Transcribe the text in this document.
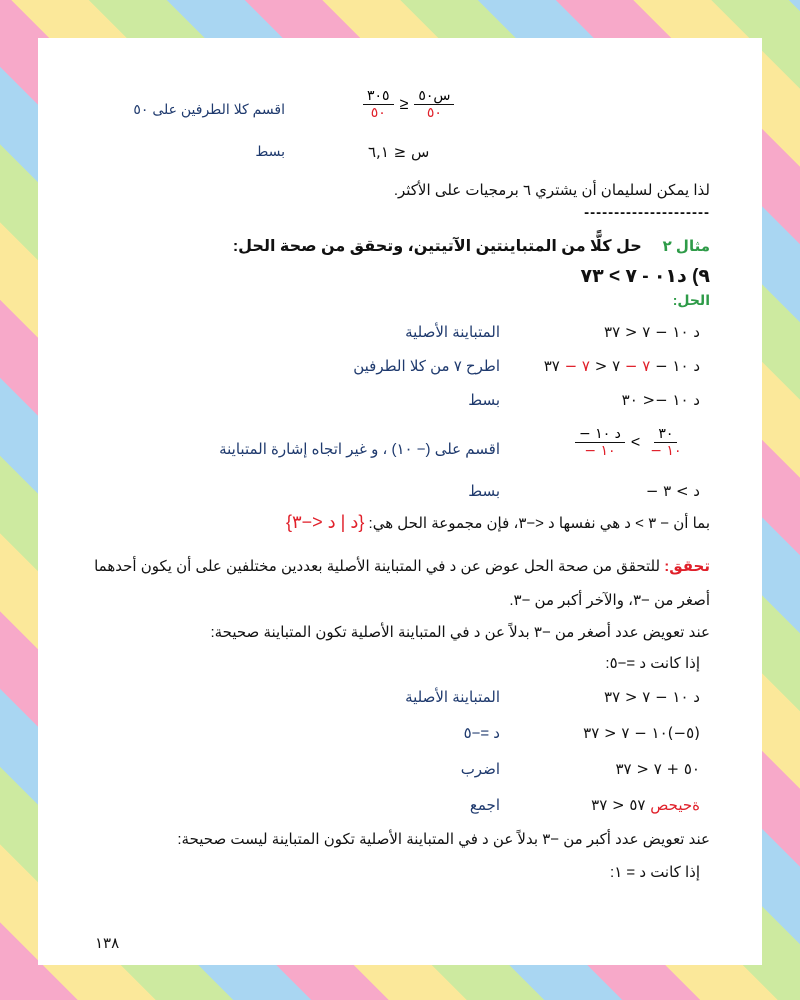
٣٠٥
٥٠
≥ ٥٠س
٥٠
اقسم كلا الطرفين على ٥٠
٦,١ ≥ س
بسط
لذا يمكن لسليمان أن يشتري ٦ برمجيات على الأكثر.
---------------------
مثال ٢     حل كلًّا من المتباينتين الآتيتين، وتحقق من صحة الحل:
٩) د١٠ - ٧ > ٣٧
الحل:
٣٧ > ٧ − ١٠ د
المتباينة الأصلية
٣٧ − ٧ > ٧ − ٧ − ١٠ د
اطرح ٧ من كلا الطرفين
٣٠ >− ١٠ د
بسط
− ١٠ د
− ١٠
< ٣٠
− ١٠
اقسم على (− ١٠) ، و غير اتجاه إشارة المتباينة
− ٣ < د
بسط
بما أن − ٣ > د هي نفسها د <−٣، فإن مجموعة الحل هي: {د | د <−٣}
تحقق: للتحقق من صحة الحل عوض عن د في المتباينة الأصلية بعددين مختلفين على أن يكون أحدهما
أصغر من −٣، والآخر أكبر من −٣.
عند تعويض عدد أصغر من −٣ بدلاً عن د في المتباينة الأصلية تكون المتباينة صحيحة:
إذا كانت د =−٥:
٣٧ > ٧ − ١٠ د
المتباينة الأصلية
٣٧ > ٧ − ١٠(−٥)
د =−٥
٣٧ > ٧ + ٥٠
اضرب
٣٧ > ٥٧ صحيحة
اجمع
عند تعويض عدد أكبر من −٣ بدلاً عن د في المتباينة الأصلية تكون المتباينة ليست صحيحة:
إذا كانت د = ١:
١٣٨
